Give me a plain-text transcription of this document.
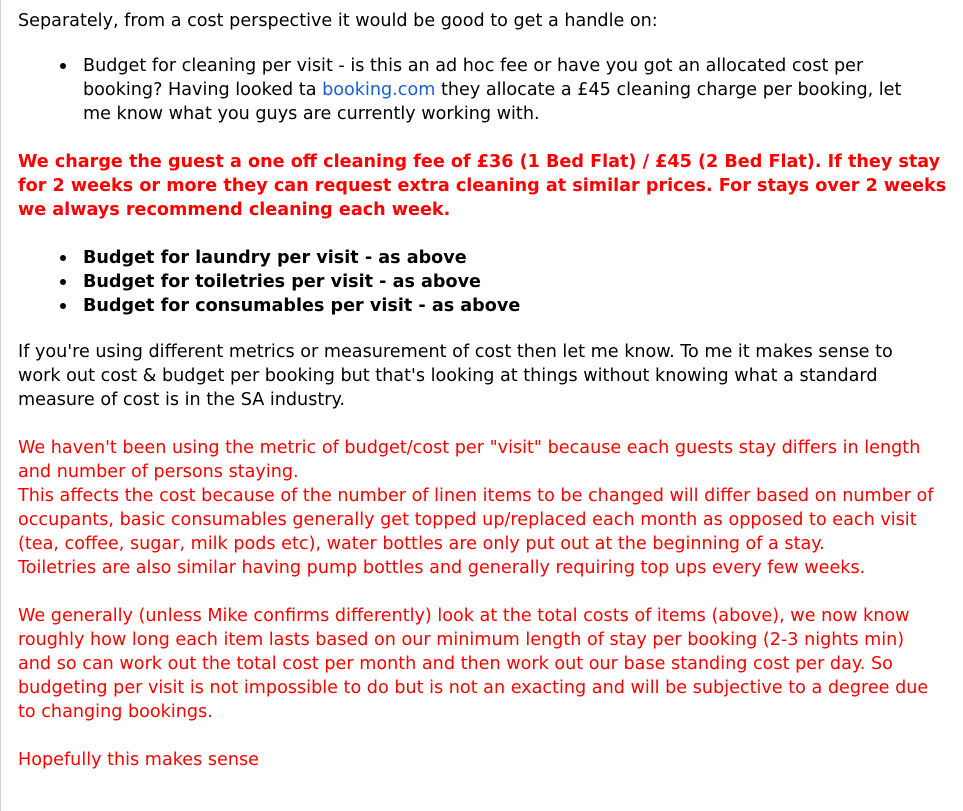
Separately, from a cost perspective it would be good to get a handle on:

Budget for cleaning per visit - is this an ad hoc fee or have you got an allocated cost per booking? Having looked ta booking.com they allocate a £45 cleaning charge per booking, let me know what you guys are currently working with.

We charge the guest a one off cleaning fee of £36 (1 Bed Flat) / £45 (2 Bed Flat). If they stay for 2 weeks or more they can request extra cleaning at similar prices. For stays over 2 weeks we always recommend cleaning each week.

Budget for laundry per visit - as above
Budget for toiletries per visit - as above
Budget for consumables per visit - as above

If you're using different metrics or measurement of cost then let me know. To me it makes sense to work out cost & budget per booking but that's looking at things without knowing what a standard measure of cost is in the SA industry.

We haven't been using the metric of budget/cost per "visit" because each guests stay differs in length and number of persons staying.

This affects the cost because of the number of linen items to be changed will differ based on number of occupants, basic consumables generally get topped up/replaced each month as opposed to each visit (tea, coffee, sugar, milk pods etc), water bottles are only put out at the beginning of a stay.

Toiletries are also similar having pump bottles and generally requiring top ups every few weeks.

We generally (unless Mike confirms differently) look at the total costs of items (above), we now know roughly how long each item lasts based on our minimum length of stay per booking (2-3 nights min) and so can work out the total cost per month and then work out our base standing cost per day. So budgeting per visit is not impossible to do but is not an exacting and will be subjective to a degree due to changing bookings.

Hopefully this makes sense
